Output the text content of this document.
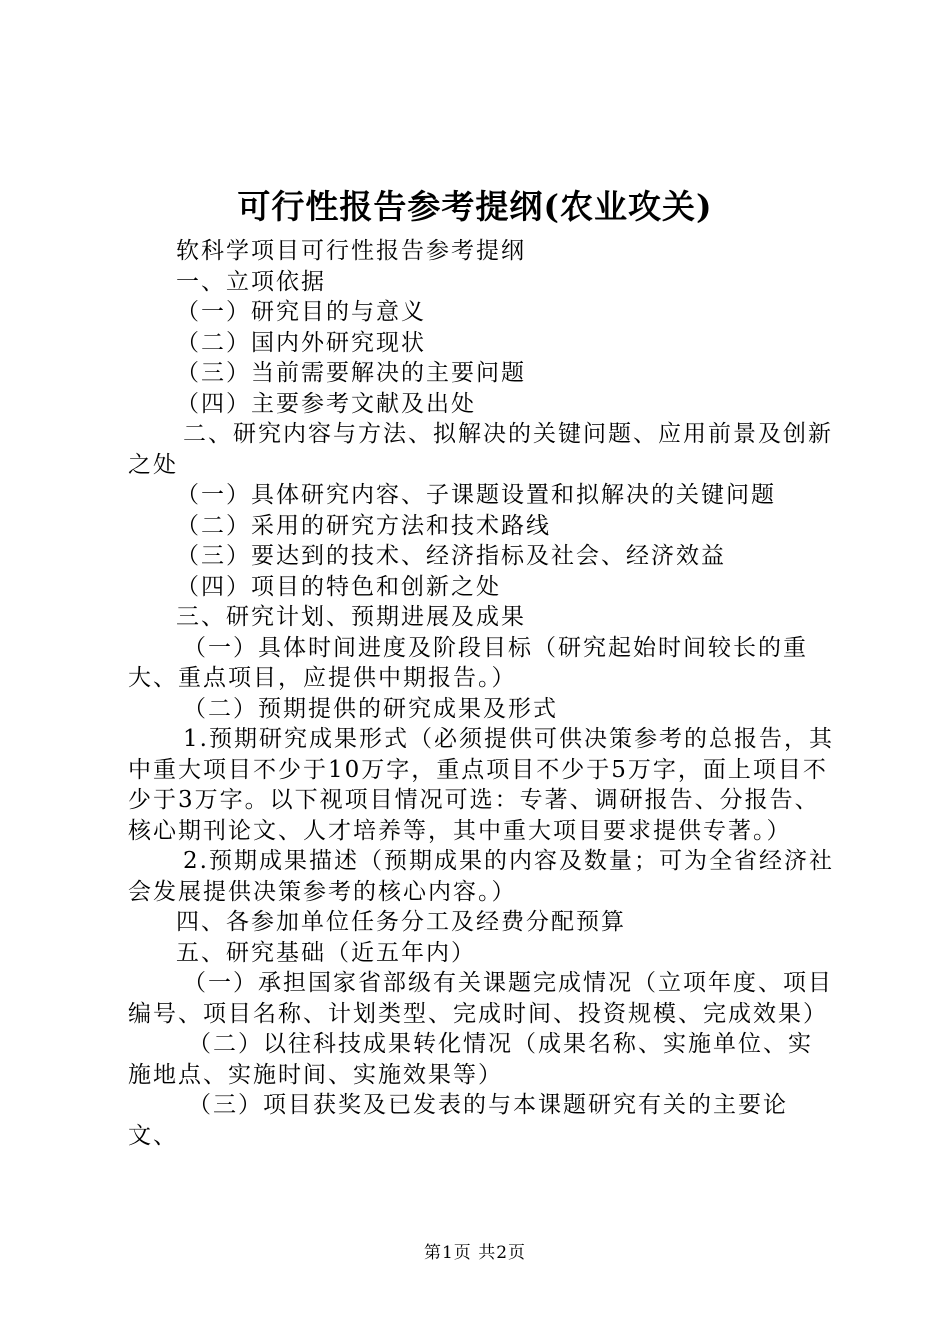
可行性报告参考提纲(农业攻关)

软科学项目可行性报告参考提纲

一、立项依据

（一）研究目的与意义

（二）国内外研究现状

（三）当前需要解决的主要问题

（四）主要参考文献及出处

二、研究内容与方法、拟解决的关键问题、应用前景及创新之处

（一）具体研究内容、子课题设置和拟解决的关键问题

（二）采用的研究方法和技术路线

（三）要达到的技术、经济指标及社会、经济效益

（四）项目的特色和创新之处

三、研究计划、预期进展及成果

（一）具体时间进度及阶段目标（研究起始时间较长的重大、重点项目，应提供中期报告。）

（二）预期提供的研究成果及形式

1.预期研究成果形式（必须提供可供决策参考的总报告，其中重大项目不少于10万字，重点项目不少于5万字，面上项目不少于3万字。以下视项目情况可选：专著、调研报告、分报告、核心期刊论文、人才培养等，其中重大项目要求提供专著。）

2.预期成果描述（预期成果的内容及数量；可为全省经济社会发展提供决策参考的核心内容。）

四、各参加单位任务分工及经费分配预算

五、研究基础（近五年内）

（一）承担国家省部级有关课题完成情况（立项年度、项目编号、项目名称、计划类型、完成时间、投资规模、完成效果）

（二）以往科技成果转化情况（成果名称、实施单位、实施地点、实施时间、实施效果等）

（三）项目获奖及已发表的与本课题研究有关的主要论文、

第1页 共2页
